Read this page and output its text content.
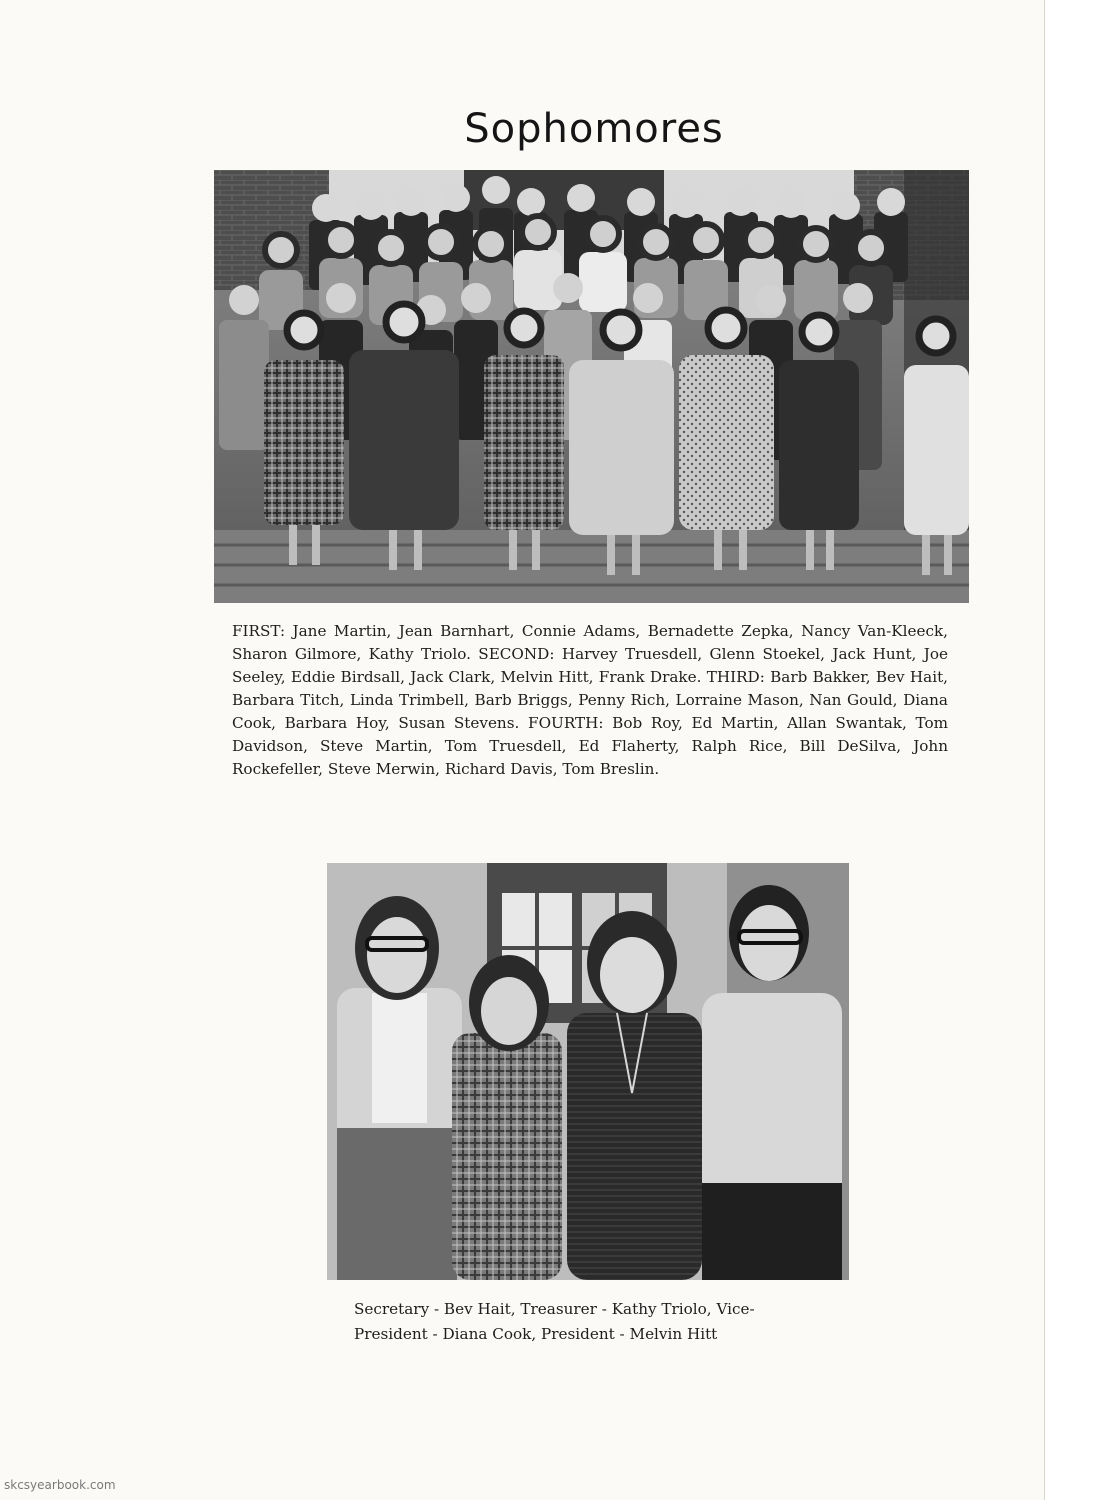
Sophomores

FIRST: Jane Martin, Jean Barnhart, Connie Adams, Bernadette Zepka, Nancy Van-Kleeck, Sharon Gilmore, Kathy Triolo. SECOND: Harvey Truesdell, Glenn Stoekel, Jack Hunt, Joe Seeley, Eddie Birdsall, Jack Clark, Melvin Hitt, Frank Drake. THIRD: Barb Bakker, Bev Hait, Barbara Titch, Linda Trimbell, Barb Briggs, Penny Rich, Lorraine Mason, Nan Gould, Diana Cook, Barbara Hoy, Susan Stevens. FOURTH: Bob Roy, Ed Martin, Allan Swantak, Tom Davidson, Steve Martin, Tom Truesdell, Ed Flaherty, Ralph Rice, Bill DeSilva, John Rockefeller, Steve Merwin, Richard Davis, Tom Breslin.

Secretary - Bev Hait, Treasurer - Kathy Triolo, Vice-President - Diana Cook, President - Melvin Hitt

skcsyearbook.com
